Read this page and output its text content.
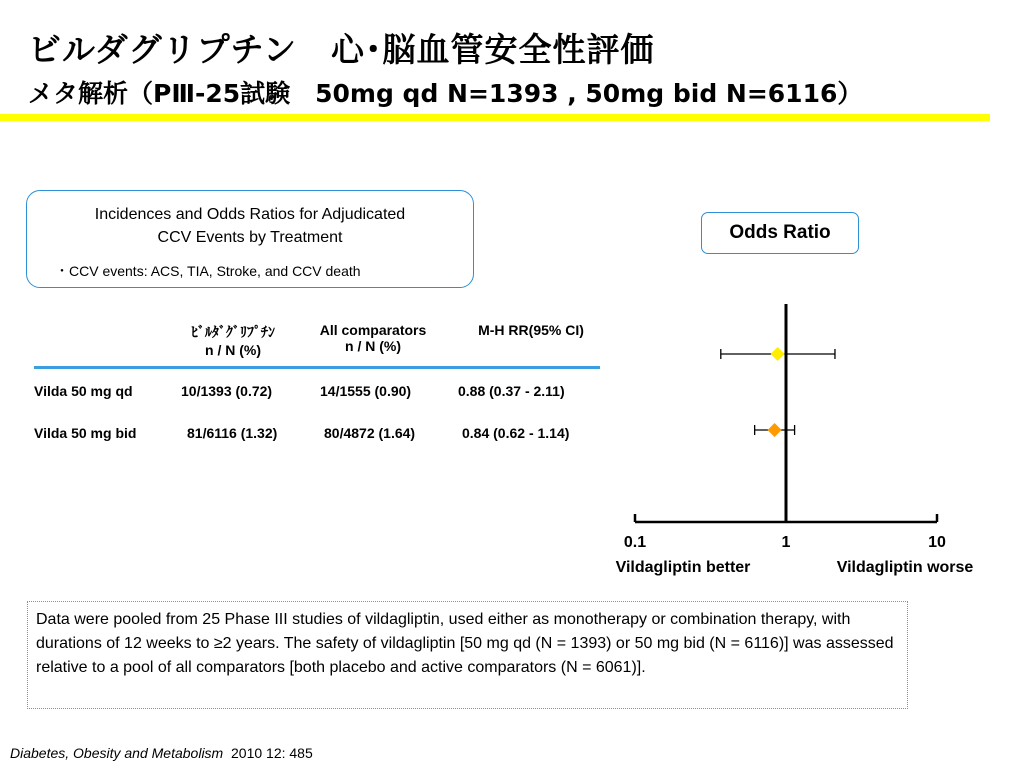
ビルダグリプチン　心･脳血管安全性評価
メタ解析（PⅢ-25試験　50mg qd N=1393 , 50mg bid N=6116）
Incidences and Odds Ratios for Adjudicated
CCV Events by Treatment
・CCV events: ACS, TIA, Stroke, and CCV death
ﾋﾞﾙﾀﾞｸﾞﾘﾌﾟﾁﾝ
n / N (%)
All comparators
n / N (%)
M-H RR(95% CI)
Vilda 50 mg qd	10/1393 (0.72)	14/1555 (0.90)	0.88 (0.37 - 2.11)
Vilda 50 mg bid	81/6116 (1.32)	80/4872 (1.64)	0.84 (0.62 - 1.14)
Odds Ratio
0.1	1	10
Vildagliptin better	Vildagliptin worse
Data were pooled from 25 Phase III studies of vildagliptin, used either as monotherapy or combination therapy, with durations of 12 weeks to ≥2 years. The safety of vildagliptin [50 mg qd (N = 1393) or 50 mg bid (N = 6116)] was assessed relative to a pool of all comparators [both placebo and active comparators (N = 6061)].
Diabetes, Obesity and Metabolism 2010 12: 485
